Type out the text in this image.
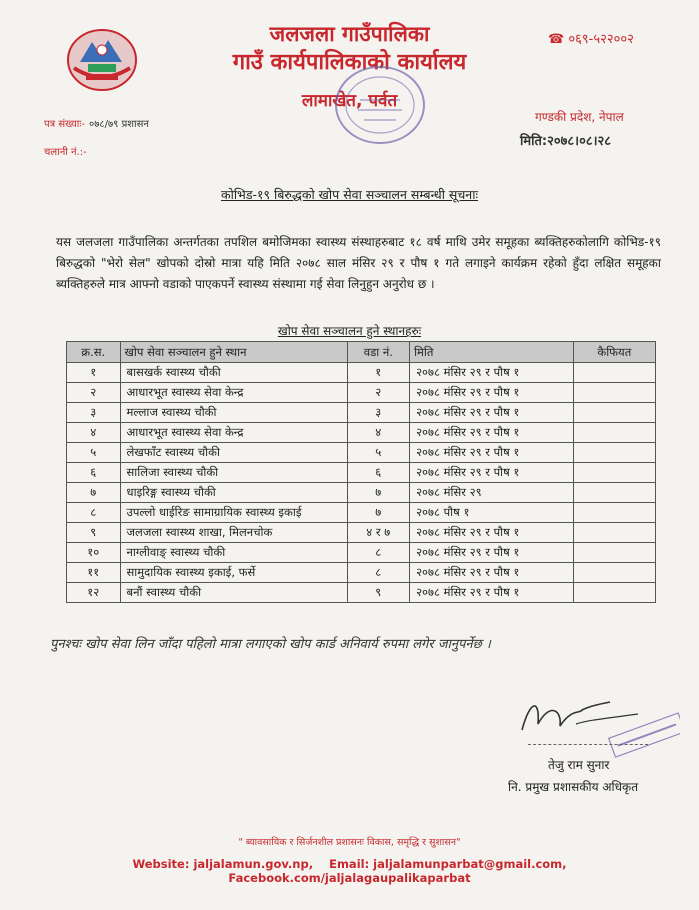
जलजला गाउँपालिका
गाउँ कार्यपालिकाको कार्यालय
लामाखेत, पर्वत
☎ ०६९-५२२००२
गण्डकी प्रदेश, नेपाल
मिति:२०७८।०८।२८
पत्र संख्याः- ०७८/७९ प्रशासन
चलानी नं.:-
कोभिड-१९ बिरुद्धको खोप सेवा सञ्चालन सम्बन्धी सूचनाः
यस जलजला गाउँपालिका अन्तर्गतका तपशिल बमोजिमका स्वास्थ्य संस्थाहरुबाट १८ वर्ष माथि उमेर समूहका ब्यक्तिहरुकोलागि कोभिड-१९ बिरुद्धको "भेरो सेल" खोपको दोस्रो मात्रा यहि मिति २०७८ साल मंसिर २९ र पौष १ गते लगाइने कार्यक्रम रहेको हुँदा लक्षित समूहका ब्यक्तिहरुले मात्र आफ्नो वडाको पाएकपर्ने स्वास्थ्य संस्थामा गई सेवा लिनुहुन अनुरोध छ ।
खोप सेवा सञ्चालन हुने स्थानहरुः
क्र.स.	खोप सेवा सञ्चालन हुने स्थान	वडा नं.	मिति	कैफियत
१	बासखर्क स्वास्थ्य चौकी	१	२०७८ मंसिर २९ र पौष १	
२	आधारभूत स्वास्थ्य सेवा केन्द्र	२	२०७८ मंसिर २९ र पौष १	
३	मल्लाज स्वास्थ्य चौकी	३	२०७८ मंसिर २९ र पौष १	
४	आधारभूत स्वास्थ्य सेवा केन्द्र	४	२०७८ मंसिर २९ र पौष १	
५	लेखफाँट स्वास्थ्य चौकी	५	२०७८ मंसिर २९ र पौष १	
६	सालिजा स्वास्थ्य चौकी	६	२०७८ मंसिर २९ र पौष १	
७	धाइरिङ्ग स्वास्थ्य चौकी	७	२०७८ मंसिर २९	
८	उपल्लो धाईरिङ सामाग्रायिक स्वास्थ्य इकाई	७	२०७८ पौष १	
९	जलजला स्वास्थ्य शाखा, मिलनचोक	४ र ७	२०७८ मंसिर २९ र पौष १	
१०	नाग्लीवाङ् स्वास्थ्य चौकी	८	२०७८ मंसिर २९ र पौष १	
११	सामुदायिक स्वास्थ्य इकाई, फर्से	८	२०७८ मंसिर २९ र पौष १	
१२	बनौं स्वास्थ्य चौकी	९	२०७८ मंसिर २९ र पौष १	
पुनश्चः खोप सेवा लिन जाँदा पहिलो मात्रा लगाएको खोप कार्ड अनिवार्य रुपमा लगेर जानुपर्नेछ ।
तेजु राम सुनार
नि. प्रमुख प्रशासकीय अधिकृत
" ब्यावसायिक र सिर्जनशील प्रशासनः विकास, समृद्धि र सुशासन"
Website: jaljalamun.gov.np, Email: jaljalamunparbat@gmail.com, Facebook.com/jaljalagaupalikaparbat
